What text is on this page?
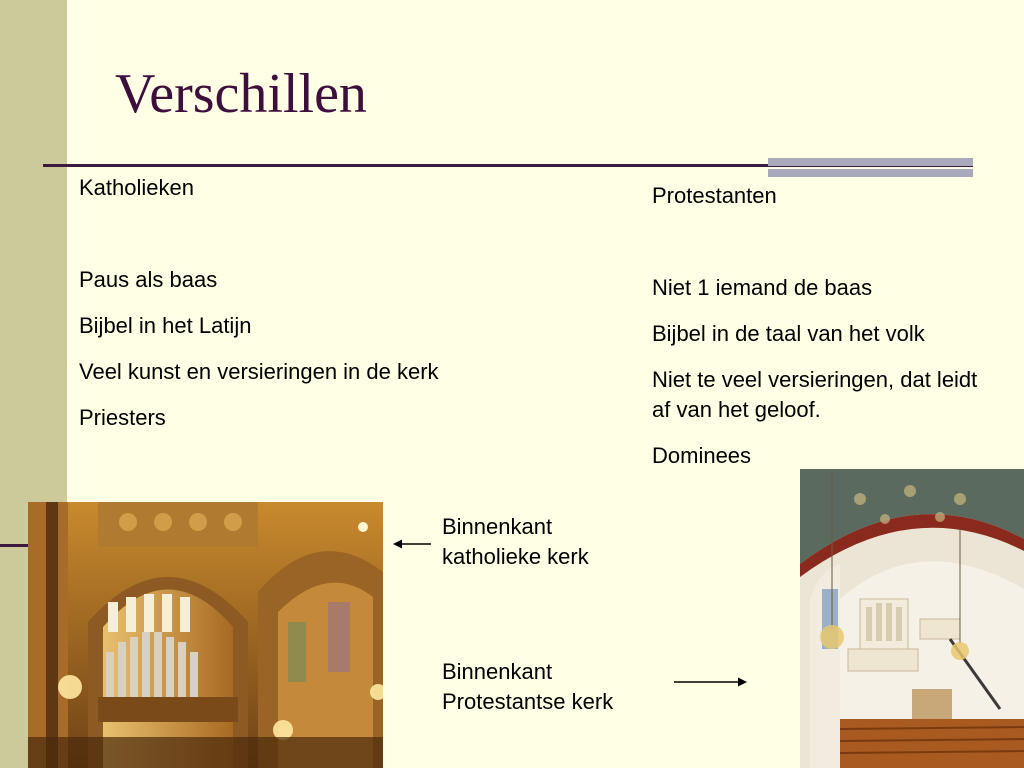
Verschillen

Katholieken

Paus als baas

Bijbel in het Latijn

Veel kunst en versieringen in de kerk

Priesters

Protestanten

Niet 1 iemand de baas

Bijbel in de taal van het volk

Niet te veel versieringen, dat leidt af van het geloof.

Dominees

Binnenkant
katholieke kerk
Binnenkant
Protestantse kerk
